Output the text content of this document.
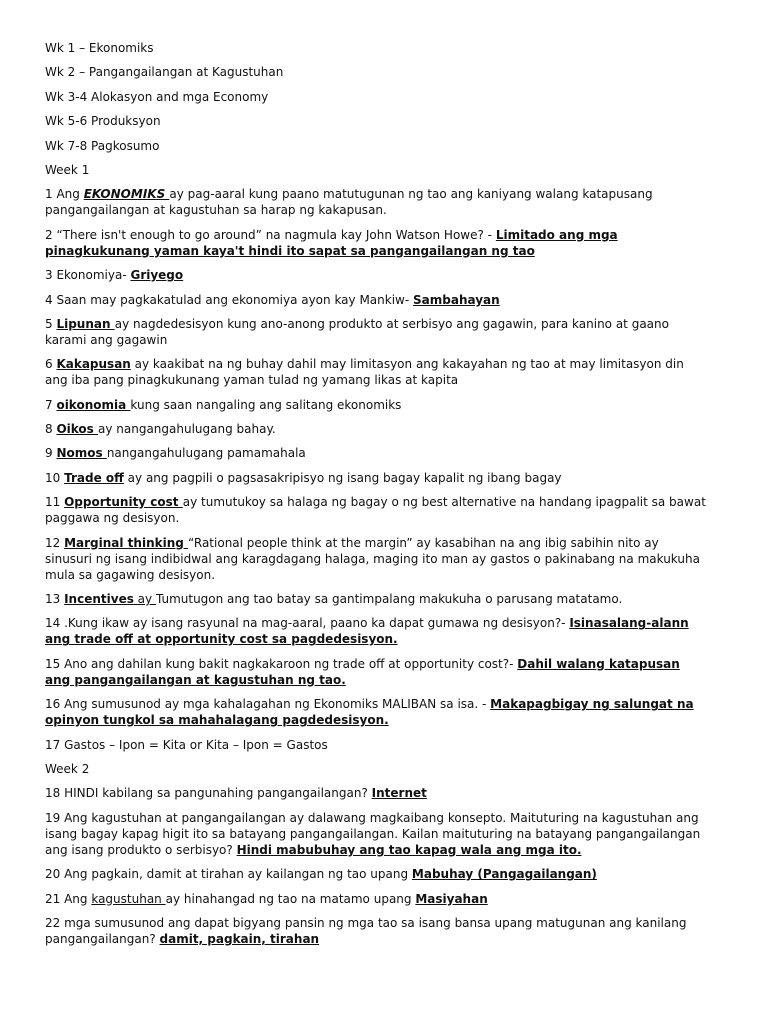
Wk 1 – Ekonomiks

Wk 2 – Pangangailangan at Kagustuhan

Wk 3-4 Alokasyon and mga Economy

Wk 5-6 Produksyon

Wk 7-8 Pagkosumo

Week 1

1 Ang EKONOMIKS ay pag-aaral kung paano matutugunan ng tao ang kaniyang walang katapusang pangangailangan at kagustuhan sa harap ng kakapusan.

2 “There isn't enough to go around” na nagmula kay John Watson Howe? - Limitado ang mga pinagkukunang yaman kaya't hindi ito sapat sa pangangailangan ng tao

3 Ekonomiya- Griyego

4 Saan may pagkakatulad ang ekonomiya ayon kay Mankiw- Sambahayan

5 Lipunan ay nagdedesisyon kung ano-anong produkto at serbisyo ang gagawin, para kanino at gaano karami ang gagawin

6 Kakapusan ay kaakibat na ng buhay dahil may limitasyon ang kakayahan ng tao at may limitasyon din ang iba pang pinagkukunang yaman tulad ng yamang likas at kapita

7 oikonomia kung saan nangaling ang salitang ekonomiks

8 Oikos ay nangangahulugang bahay.

9 Nomos nangangahulugang pamamahala

10 Trade off ay ang pagpili o pagsasakripisyo ng isang bagay kapalit ng ibang bagay

11 Opportunity cost ay tumutukoy sa halaga ng bagay o ng best alternative na handang ipagpalit sa bawat paggawa ng desisyon.

12 Marginal thinking “Rational people think at the margin” ay kasabihan na ang ibig sabihin nito ay sinusuri ng isang indibidwal ang karagdagang halaga, maging ito man ay gastos o pakinabang na makukuha mula sa gagawing desisyon.

13 Incentives ay Tumutugon ang tao batay sa gantimpalang makukuha o parusang matatamo.

14 .Kung ikaw ay isang rasyunal na mag-aaral, paano ka dapat gumawa ng desisyon?- Isinasalang-alann ang trade off at opportunity cost sa pagdedesisyon.

15 Ano ang dahilan kung bakit nagkakaroon ng trade off at opportunity cost?- Dahil walang katapusan ang pangangailangan at kagustuhan ng tao.

16 Ang sumusunod ay mga kahalagahan ng Ekonomiks MALIBAN sa isa. - Makapagbigay ng salungat na opinyon tungkol sa mahahalagang pagdedesisyon.

17 Gastos – Ipon = Kita or Kita – Ipon = Gastos

Week 2

18 HINDI kabilang sa pangunahing pangangailangan? Internet

19 Ang kagustuhan at pangangailangan ay dalawang magkaibang konsepto. Maituturing na kagustuhan ang isang bagay kapag higit ito sa batayang pangangailangan. Kailan maituturing na batayang pangangailangan ang isang produkto o serbisyo? Hindi mabubuhay ang tao kapag wala ang mga ito.

20 Ang pagkain, damit at tirahan ay kailangan ng tao upang Mabuhay (Pangagailangan)

21 Ang kagustuhan ay hinahangad ng tao na matamo upang Masiyahan

22 mga sumusunod ang dapat bigyang pansin ng mga tao sa isang bansa upang matugunan ang kanilang pangangailangan? damit, pagkain, tirahan
